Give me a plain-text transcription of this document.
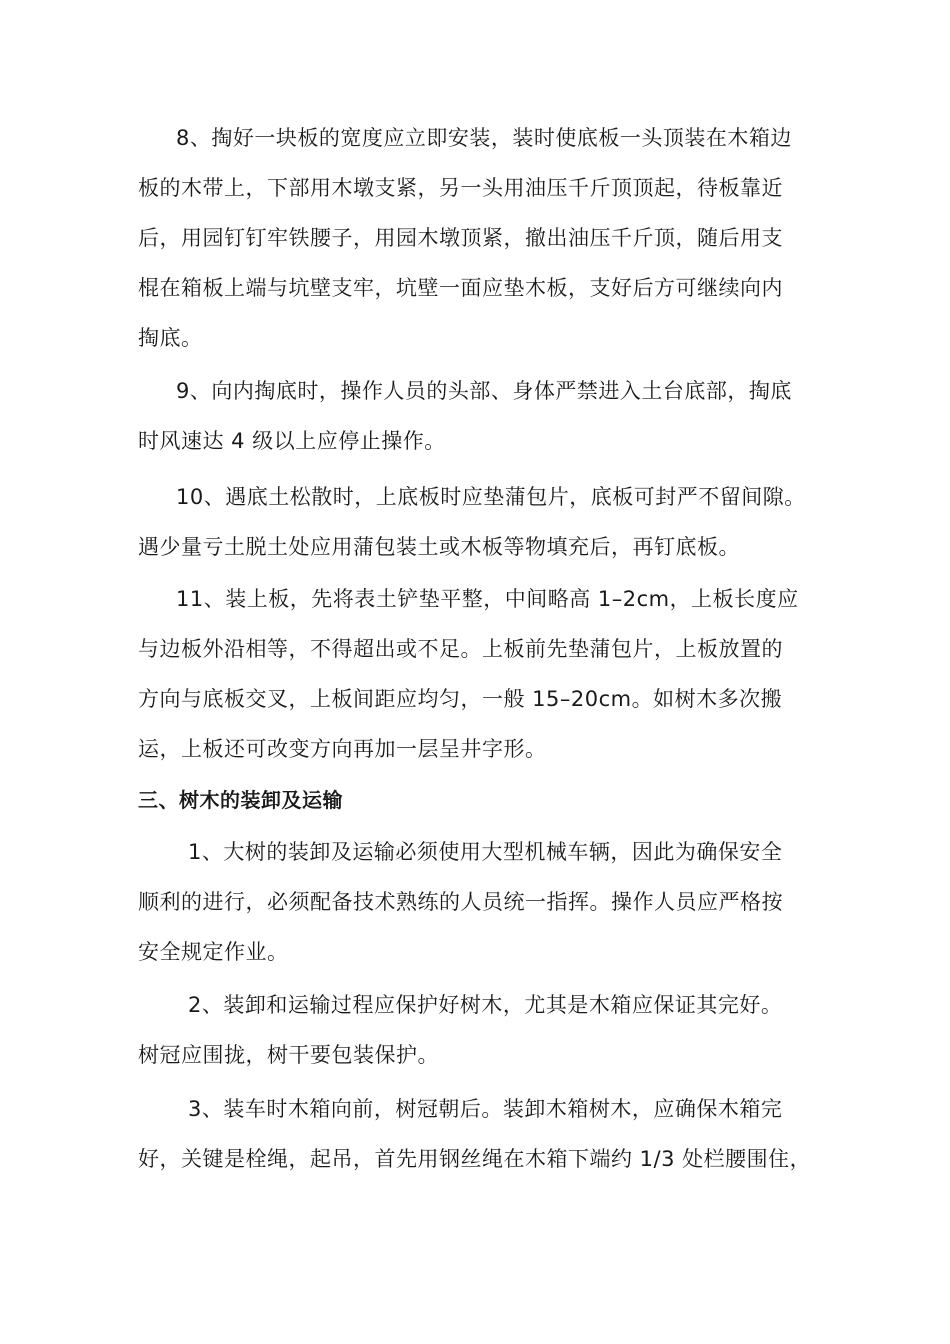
8、掏好一块板的宽度应立即安装，装时使底板一头顶装在木箱边
板的木带上，下部用木墩支紧，另一头用油压千斤顶顶起，待板靠近
后，用园钉钉牢铁腰子，用园木墩顶紧，撤出油压千斤顶，随后用支
棍在箱板上端与坑壁支牢，坑壁一面应垫木板，支好后方可继续向内
掏底。
9、向内掏底时，操作人员的头部、身体严禁进入土台底部，掏底
时风速达 4 级以上应停止操作。
10、遇底土松散时，上底板时应垫蒲包片，底板可封严不留间隙。
遇少量亏土脱土处应用蒲包装土或木板等物填充后，再钉底板。
11、装上板，先将表土铲垫平整，中间略高 1–2cm，上板长度应
与边板外沿相等，不得超出或不足。上板前先垫蒲包片，上板放置的
方向与底板交叉，上板间距应均匀，一般 15–20cm。如树木多次搬
运，上板还可改变方向再加一层呈井字形。
三、树木的装卸及运输
1、大树的装卸及运输必须使用大型机械车辆，因此为确保安全
顺利的进行，必须配备技术熟练的人员统一指挥。操作人员应严格按
安全规定作业。
2、装卸和运输过程应保护好树木，尤其是木箱应保证其完好。
树冠应围拢，树干要包装保护。
3、装车时木箱向前，树冠朝后。装卸木箱树木，应确保木箱完
好，关键是栓绳，起吊，首先用钢丝绳在木箱下端约 1/3 处栏腰围住，
